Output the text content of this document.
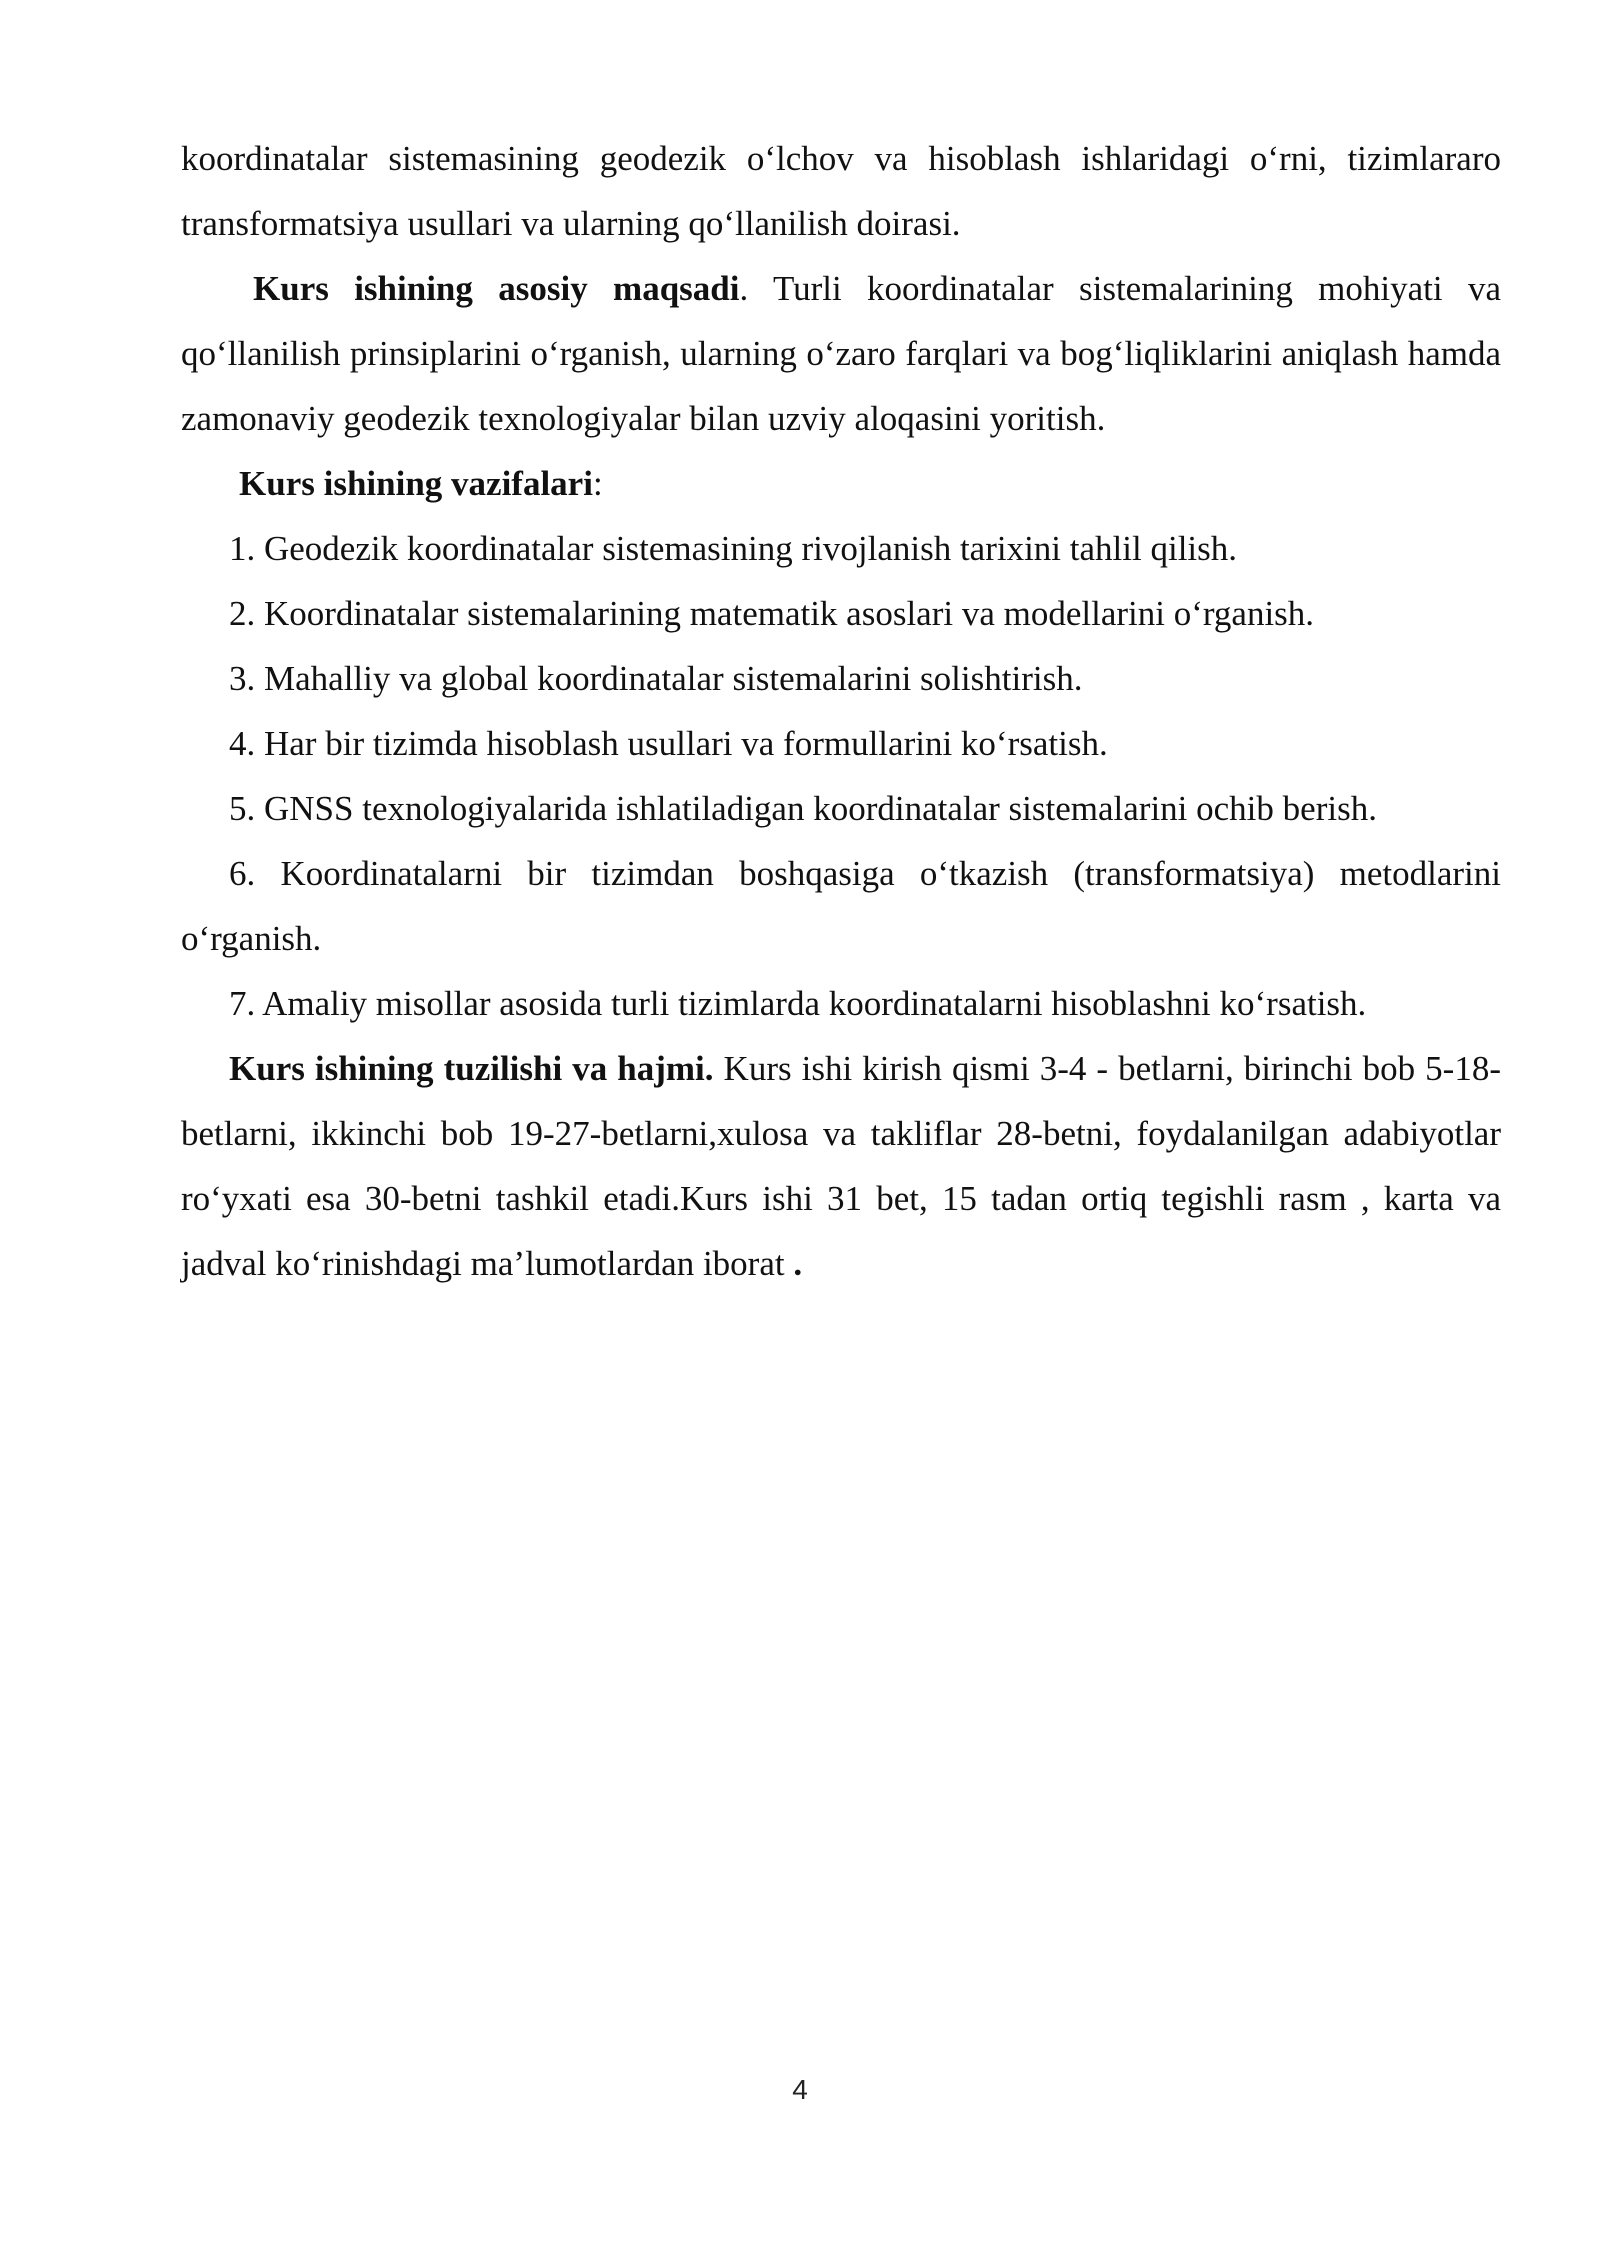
koordinatalar sistemasining geodezik o‘lchov va hisoblash ishlaridagi o‘rni, tizimlararo transformatsiya usullari va ularning qo‘llanilish doirasi.

Kurs ishining asosiy maqsadi. Turli koordinatalar sistemalarining mohiyati va qo‘llanilish prinsiplarini o‘rganish, ularning o‘zaro farqlari va bog‘liqliklarini aniqlash hamda zamonaviy geodezik texnologiyalar bilan uzviy aloqasini yoritish.

Kurs ishining vazifalari:

1. Geodezik koordinatalar sistemasining rivojlanish tarixini tahlil qilish.

2. Koordinatalar sistemalarining matematik asoslari va modellarini o‘rganish.

3. Mahalliy va global koordinatalar sistemalarini solishtirish.

4. Har bir tizimda hisoblash usullari va formullarini ko‘rsatish.

5. GNSS texnologiyalarida ishlatiladigan koordinatalar sistemalarini ochib berish.

6. Koordinatalarni bir tizimdan boshqasiga o‘tkazish (transformatsiya) metodlarini o‘rganish.

7. Amaliy misollar asosida turli tizimlarda koordinatalarni hisoblashni ko‘rsatish.

Kurs ishining tuzilishi va hajmi. Kurs ishi kirish qismi 3-4 - betlarni, birinchi bob 5-18-betlarni, ikkinchi bob 19-27-betlarni,xulosa va takliflar 28-betni, foydalanilgan adabiyotlar ro‘yxati esa 30-betni tashkil etadi.Kurs ishi 31 bet, 15 tadan ortiq tegishli rasm , karta va jadval ko‘rinishdagi ma’lumotlardan iborat .

4
